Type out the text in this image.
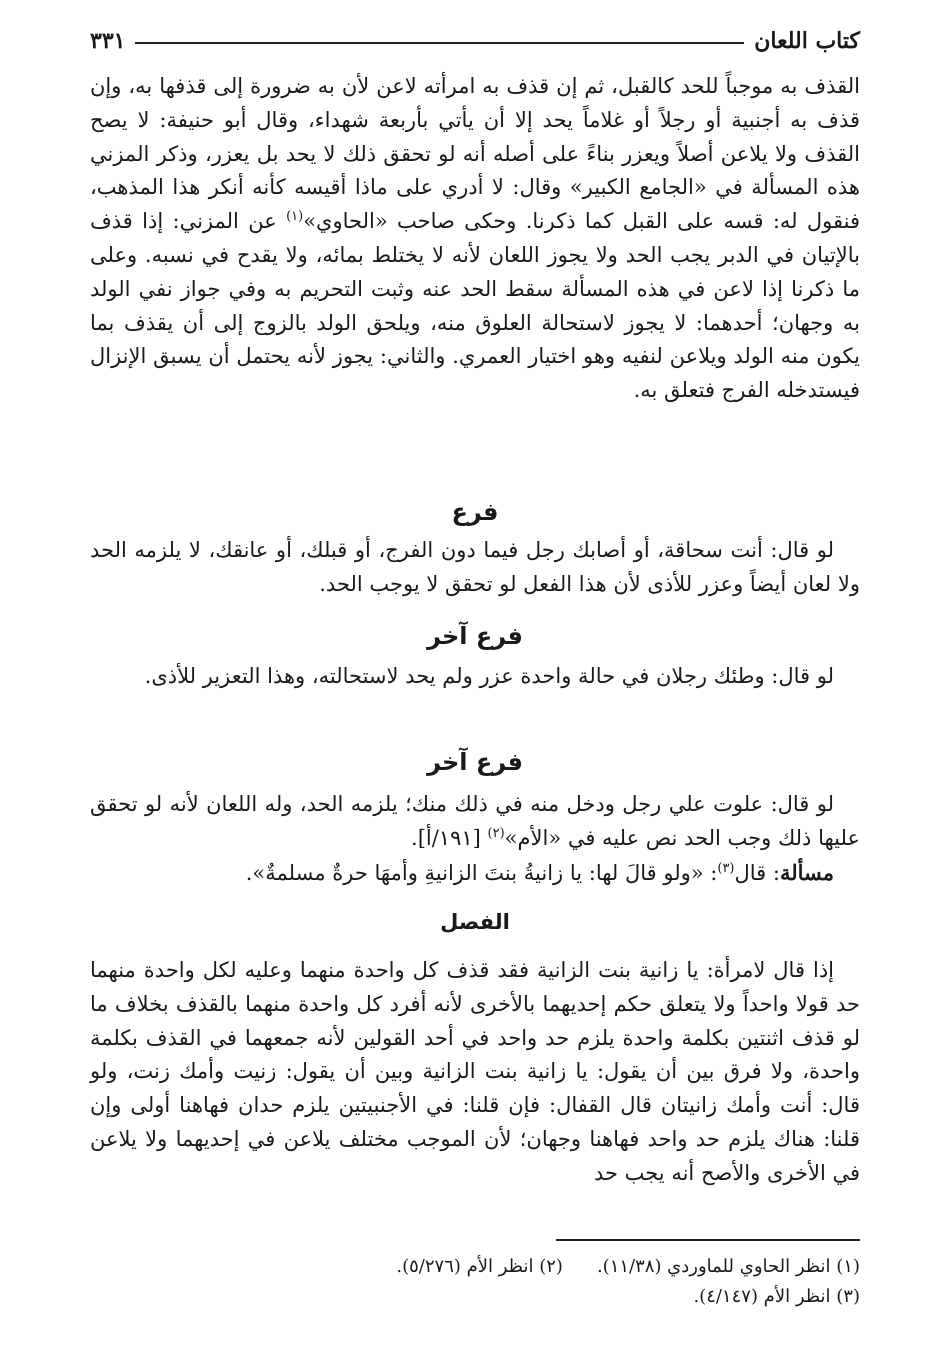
كتاب اللعان
٣٣١

القذف به موجباً للحد كالقبل، ثم إن قذف به امرأته لاعن لأن به ضرورة إلى قذفها به، وإن قذف به أجنبية أو رجلاً أو غلاماً يحد إلا أن يأتي بأربعة شهداء، وقال أبو حنيفة: لا يصح القذف ولا يلاعن أصلاً ويعزر بناءً على أصله أنه لو تحقق ذلك لا يحد بل يعزر، وذكر المزني هذه المسألة في «الجامع الكبير» وقال: لا أدري على ماذا أقيسه كأنه أنكر هذا المذهب، فنقول له: قسه على القبل كما ذكرنا. وحكى صاحب «الحاوي»$^{(١)}$ عن المزني: إذا قذف بالإتيان في الدبر يجب الحد ولا يجوز اللعان لأنه لا يختلط بمائه، ولا يقدح في نسبه. وعلى ما ذكرنا إذا لاعن في هذه المسألة سقط الحد عنه وثبت التحريم به وفي جواز نفي الولد به وجهان؛ أحدهما: لا يجوز لاستحالة العلوق منه، ويلحق الولد بالزوج إلى أن يقذف بما يكون منه الولد ويلاعن لنفيه وهو اختيار العمري. والثاني: يجوز لأنه يحتمل أن يسبق الإنزال فيستدخله الفرج فتعلق به.

فرع

لو قال: أنت سحاقة، أو أصابك رجل فيما دون الفرج، أو قبلك، أو عانقك، لا يلزمه الحد ولا لعان أيضاً وعزر للأذى لأن هذا الفعل لو تحقق لا يوجب الحد.

فرع آخر

لو قال: وطئك رجلان في حالة واحدة عزر ولم يحد لاستحالته، وهذا التعزير للأذى.

فرع آخر

لو قال: علوت علي رجل ودخل منه في ذلك منك؛ يلزمه الحد، وله اللعان لأنه لو تحقق عليها ذلك وجب الحد نص عليه في «الأم»$^{(٢)}$ [١٩١/أ].

مسألة: قال$^{(٣)}$: «ولو قالَ لها: يا زانيةُ بنتَ الزانيةِ وأمهَا حرةٌ مسلمةٌ».

الفصل

إذا قال لامرأة: يا زانية بنت الزانية فقد قذف كل واحدة منهما وعليه لكل واحدة منهما حد قولا واحداً ولا يتعلق حكم إحديهما بالأخرى لأنه أفرد كل واحدة منهما بالقذف بخلاف ما لو قذف اثنتين بكلمة واحدة يلزم حد واحد في أحد القولين لأنه جمعهما في القذف بكلمة واحدة، ولا فرق بين أن يقول: يا زانية بنت الزانية وبين أن يقول: زنيت وأمك زنت، ولو قال: أنت وأمك زانيتان قال القفال: فإن قلنا: في الأجنبيتين يلزم حدان فهاهنا أولى وإن قلنا: هناك يلزم حد واحد فهاهنا وجهان؛ لأن الموجب مختلف يلاعن في إحديهما ولا يلاعن في الأخرى والأصح أنه يجب حد

(١) انظر الحاوي للماوردي (١١/٣٨).
(٢) انظر الأم (٥/٢٧٦).
(٣) انظر الأم (٤/١٤٧).
